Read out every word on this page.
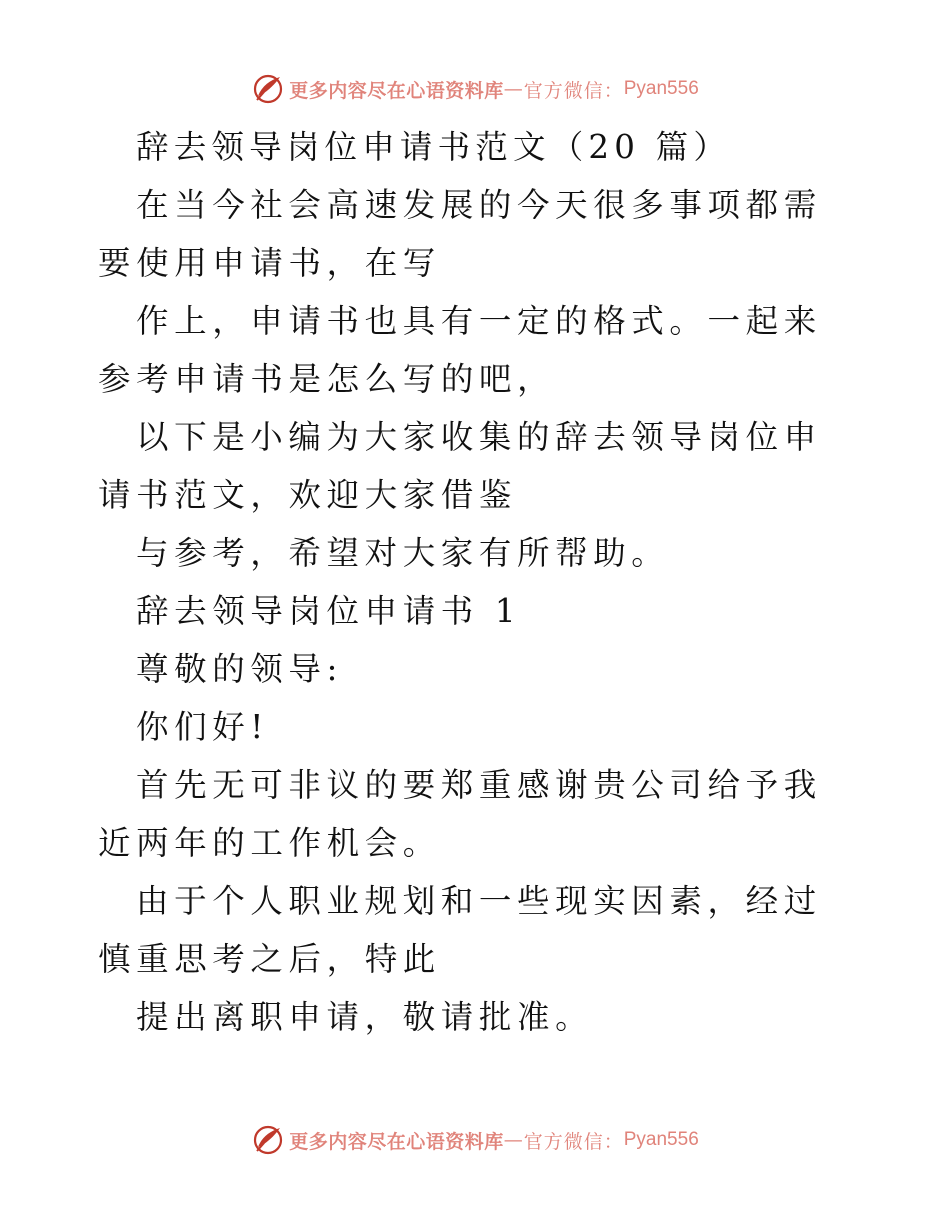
更多内容尽在心语资料库 — 官方微信： Pyan556

辞去领导岗位申请书范文（20 篇）

在当今社会高速发展的今天很多事项都需要使用申请书，在写

作上，申请书也具有一定的格式。一起来参考申请书是怎么写的吧，

以下是小编为大家收集的辞去领导岗位申请书范文，欢迎大家借鉴

与参考，希望对大家有所帮助。

辞去领导岗位申请书 1

尊敬的领导:

你们好!

首先无可非议的要郑重感谢贵公司给予我近两年的工作机会。

由于个人职业规划和一些现实因素，经过慎重思考之后，特此

提出离职申请，敬请批准。

更多内容尽在心语资料库 — 官方微信： Pyan556
